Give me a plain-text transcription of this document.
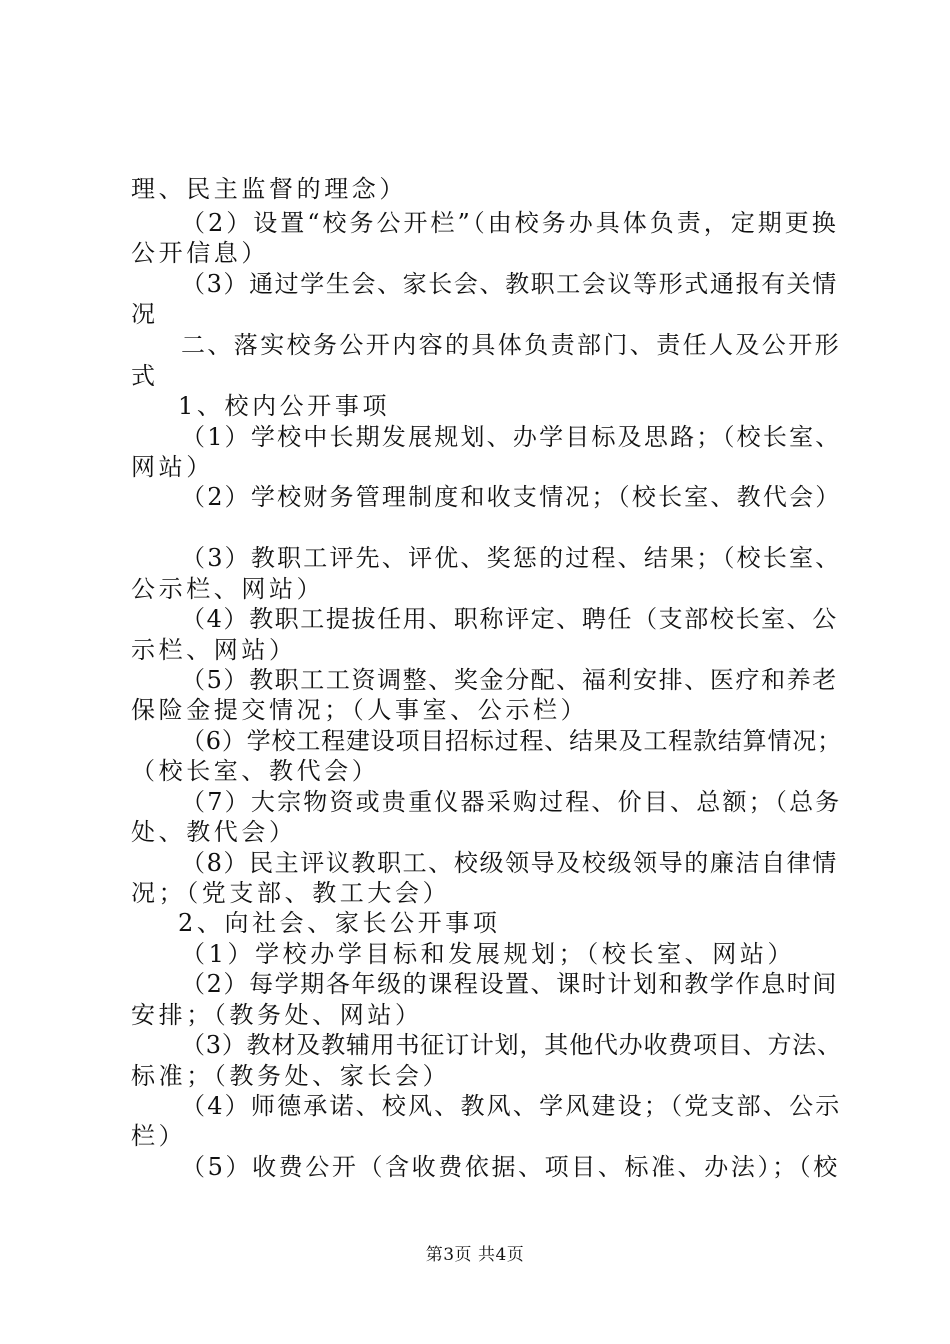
理、民主监督的理念）
（2）设置“校务公开栏”（由校务办具体负责，定期更换
公开信息）
（3）通过学生会、家长会、教职工会议等形式通报有关情
况
二、落实校务公开内容的具体负责部门、责任人及公开形
式
1、校内公开事项
（1）学校中长期发展规划、办学目标及思路；（校长室、
网站）
（2）学校财务管理制度和收支情况；（校长室、教代会）
（3）教职工评先、评优、奖惩的过程、结果；（校长室、
公示栏、网站）
（4）教职工提拔任用、职称评定、聘任（支部校长室、公
示栏、网站）
（5）教职工工资调整、奖金分配、福利安排、医疗和养老
保险金提交情况；（人事室、公示栏）
（6）学校工程建设项目招标过程、结果及工程款结算情况；
（校长室、教代会）
（7）大宗物资或贵重仪器采购过程、价目、总额；（总务
处、教代会）
（8）民主评议教职工、校级领导及校级领导的廉洁自律情
况；（党支部、教工大会）
2、向社会、家长公开事项
（1）学校办学目标和发展规划；（校长室、网站）
（2）每学期各年级的课程设置、课时计划和教学作息时间
安排；（教务处、网站）
（3）教材及教辅用书征订计划，其他代办收费项目、方法、
标准；（教务处、家长会）
（4）师德承诺、校风、教风、学风建设；（党支部、公示
栏）
（5）收费公开（含收费依据、项目、标准、办法）；（校
第3页 共4页
